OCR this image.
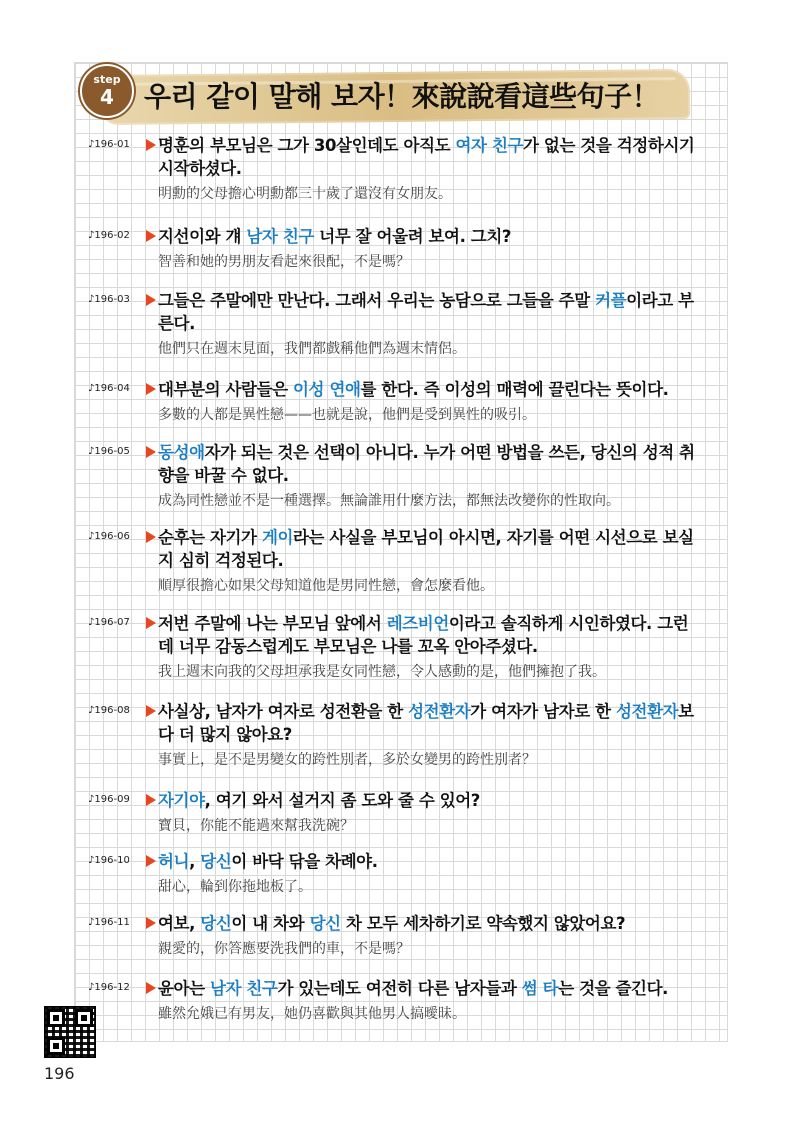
step
4	우리 같이 말해 보자！來說說看這些句子！
♪196-01	명훈의 부모님은 그가 30살인데도 아직도 여자 친구가 없는 것을 걱정하시기 시작하셨다.
明勳的父母擔心明勳都三十歲了還沒有女朋友。
♪196-02	지선이와 걔 남자 친구 너무 잘 어울려 보여. 그치?
智善和她的男朋友看起來很配，不是嗎？
♪196-03	그들은 주말에만 만난다. 그래서 우리는 농담으로 그들을 주말 커플이라고 부른다.
他們只在週末見面，我們都戲稱他們為週末情侶。
♪196-04	대부분의 사람들은 이성 연애를 한다. 즉 이성의 매력에 끌린다는 뜻이다.
多數的人都是異性戀——也就是說，他們是受到異性的吸引。
♪196-05	동성애자가 되는 것은 선택이 아니다. 누가 어떤 방법을 쓰든, 당신의 성적 취향을 바꿀 수 없다.
成為同性戀並不是一種選擇。無論誰用什麼方法，都無法改變你的性取向。
♪196-06	순후는 자기가 게이라는 사실을 부모님이 아시면, 자기를 어떤 시선으로 보실지 심히 걱정된다.
順厚很擔心如果父母知道他是男同性戀，會怎麼看他。
♪196-07	저번 주말에 나는 부모님 앞에서 레즈비언이라고 솔직하게 시인하였다. 그런데 너무 감동스럽게도 부모님은 나를 꼬옥 안아주셨다.
我上週末向我的父母坦承我是女同性戀，令人感動的是，他們擁抱了我。
♪196-08	사실상, 남자가 여자로 성전환을 한 성전환자가 여자가 남자로 한 성전환자보다 더 많지 않아요?
事實上，是不是男變女的跨性別者，多於女變男的跨性別者？
♪196-09	자기야, 여기 와서 설거지 좀 도와 줄 수 있어?
寶貝，你能不能過來幫我洗碗？
♪196-10	허니, 당신이 바닥 닦을 차례야.
甜心，輪到你拖地板了。
♪196-11	여보, 당신이 내 차와 당신 차 모두 세차하기로 약속했지 않았어요?
親愛的，你答應要洗我們的車，不是嗎？
♪196-12	윤아는 남자 친구가 있는데도 여전히 다른 남자들과 썸 타는 것을 즐긴다.
雖然允娥已有男友，她仍喜歡與其他男人搞曖昧。
196
